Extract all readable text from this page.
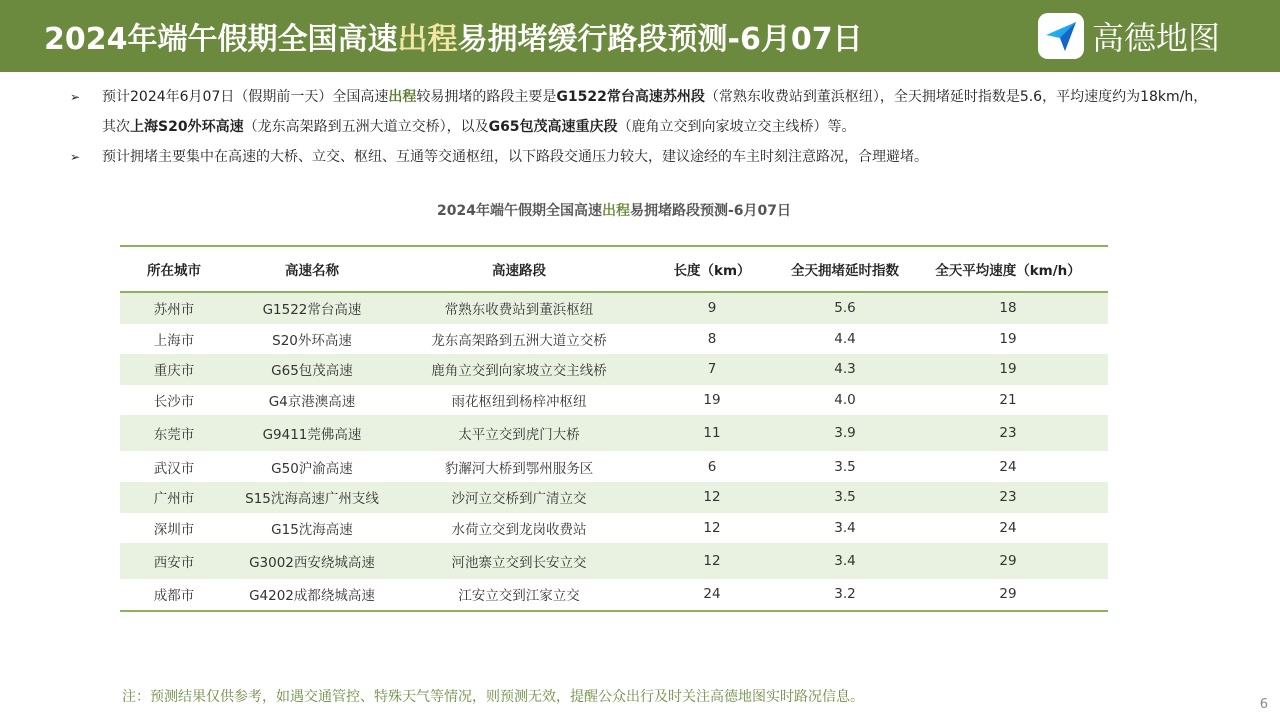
2024年端午假期全国高速出程易拥堵缓行路段预测-6月07日	高德地图
➢ 预计2024年6月07日（假期前一天）全国高速出程较易拥堵的路段主要是G1522常台高速苏州段（常熟东收费站到董浜枢纽），全天拥堵延时指数是5.6，平均速度约为18km/h，其次上海S20外环高速（龙东高架路到五洲大道立交桥），以及G65包茂高速重庆段（鹿角立交到向家坡立交主线桥）等。
➢ 预计拥堵主要集中在高速的大桥、立交、枢纽、互通等交通枢纽，以下路段交通压力较大，建议途经的车主时刻注意路况，合理避堵。
2024年端午假期全国高速出程易拥堵路段预测-6月07日
所在城市	高速名称	高速路段	长度（km）	全天拥堵延时指数	全天平均速度（km/h）
苏州市	G1522常台高速	常熟东收费站到董浜枢纽	9	5.6	18
上海市	S20外环高速	龙东高架路到五洲大道立交桥	8	4.4	19
重庆市	G65包茂高速	鹿角立交到向家坡立交主线桥	7	4.3	19
长沙市	G4京港澳高速	雨花枢纽到杨梓冲枢纽	19	4.0	21
东莞市	G9411莞佛高速	太平立交到虎门大桥	11	3.9	23
武汉市	G50沪渝高速	豹澥河大桥到鄂州服务区	6	3.5	24
广州市	S15沈海高速广州支线	沙河立交桥到广清立交	12	3.5	23
深圳市	G15沈海高速	水荷立交到龙岗收费站	12	3.4	24
西安市	G3002西安绕城高速	河池寨立交到长安立交	12	3.4	29
成都市	G4202成都绕城高速	江安立交到江家立交	24	3.2	29
注：预测结果仅供参考，如遇交通管控、特殊天气等情况，则预测无效，提醒公众出行及时关注高德地图实时路况信息。	6
